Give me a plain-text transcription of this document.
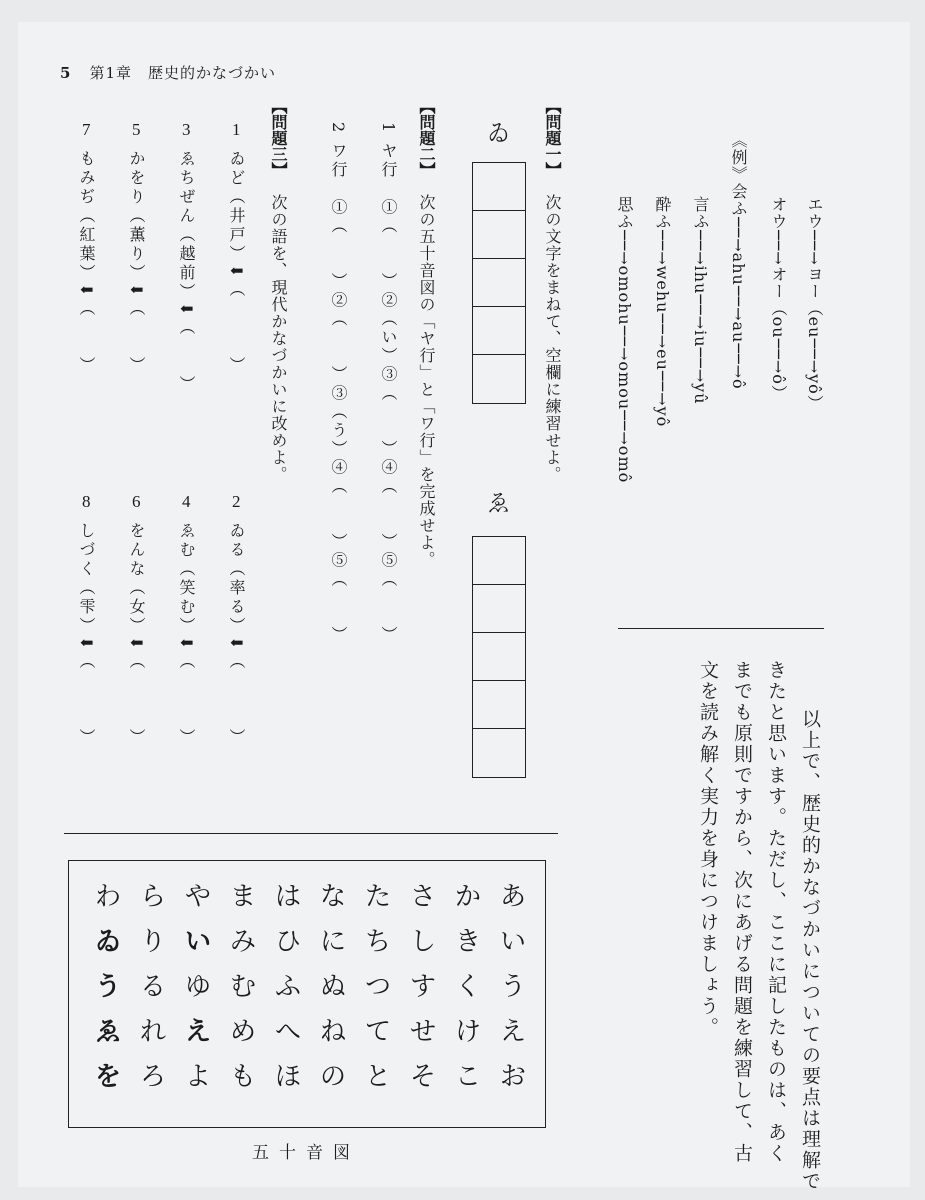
5 第1章　歴史的かなづかい
　以上で、歴史的かなづかいについての要点は理解で
きたと思います。ただし、ここに記したものは、あく
までも原則ですから、次にあげる問題を練習して、古
文を読み解く実力を身につけましょう。
エウ──→ヨー（eu──→yô）
オウ──→オー（ou──→ô）
《例》会ふ──→ahu──→au──→ô
言ふ──→ihu──→iu──→yû
酔ふ──→wehu──→eu──→yô
思ふ──→omohu──→omou──→omô
【問題一】
次の文字をまねて、空欄に練習せよ。
ゐ
ゑ
【問題二】
次の五十音図の「ヤ行」と「ワ行」を完成せよ。
1 ヤ行　①（　　）②（い）③（　　）④（　　）⑤（　　）
2 ワ行　①（　　）②（　　）③（う）④（　　）⑤（　　）
【問題三】
次の語を、現代かなづかいに改めよ。
1
ゐど（井戸）⬇（　　　）
2
ゐる（率る）⬇（　　　）
3
ゑちぜん（越前）⬇（　　）
4
ゑむ（笑む）⬇（　　　）
5
かをり（薫り）⬇（　　）
6
をんな（女）⬇（　　　）
7
もみぢ（紅葉）⬇（　　）
8
しづく（雫）⬇（　　　）
あ
い
う
え
お
か
き
く
け
こ
さ
し
す
せ
そ
た
ち
つ
て
と
な
に
ぬ
ね
の
は
ひ
ふ
へ
ほ
ま
み
む
め
も
や
い
ゆ
え
よ
ら
り
る
れ
ろ
わ
ゐ
う
ゑ
を
五十音図
